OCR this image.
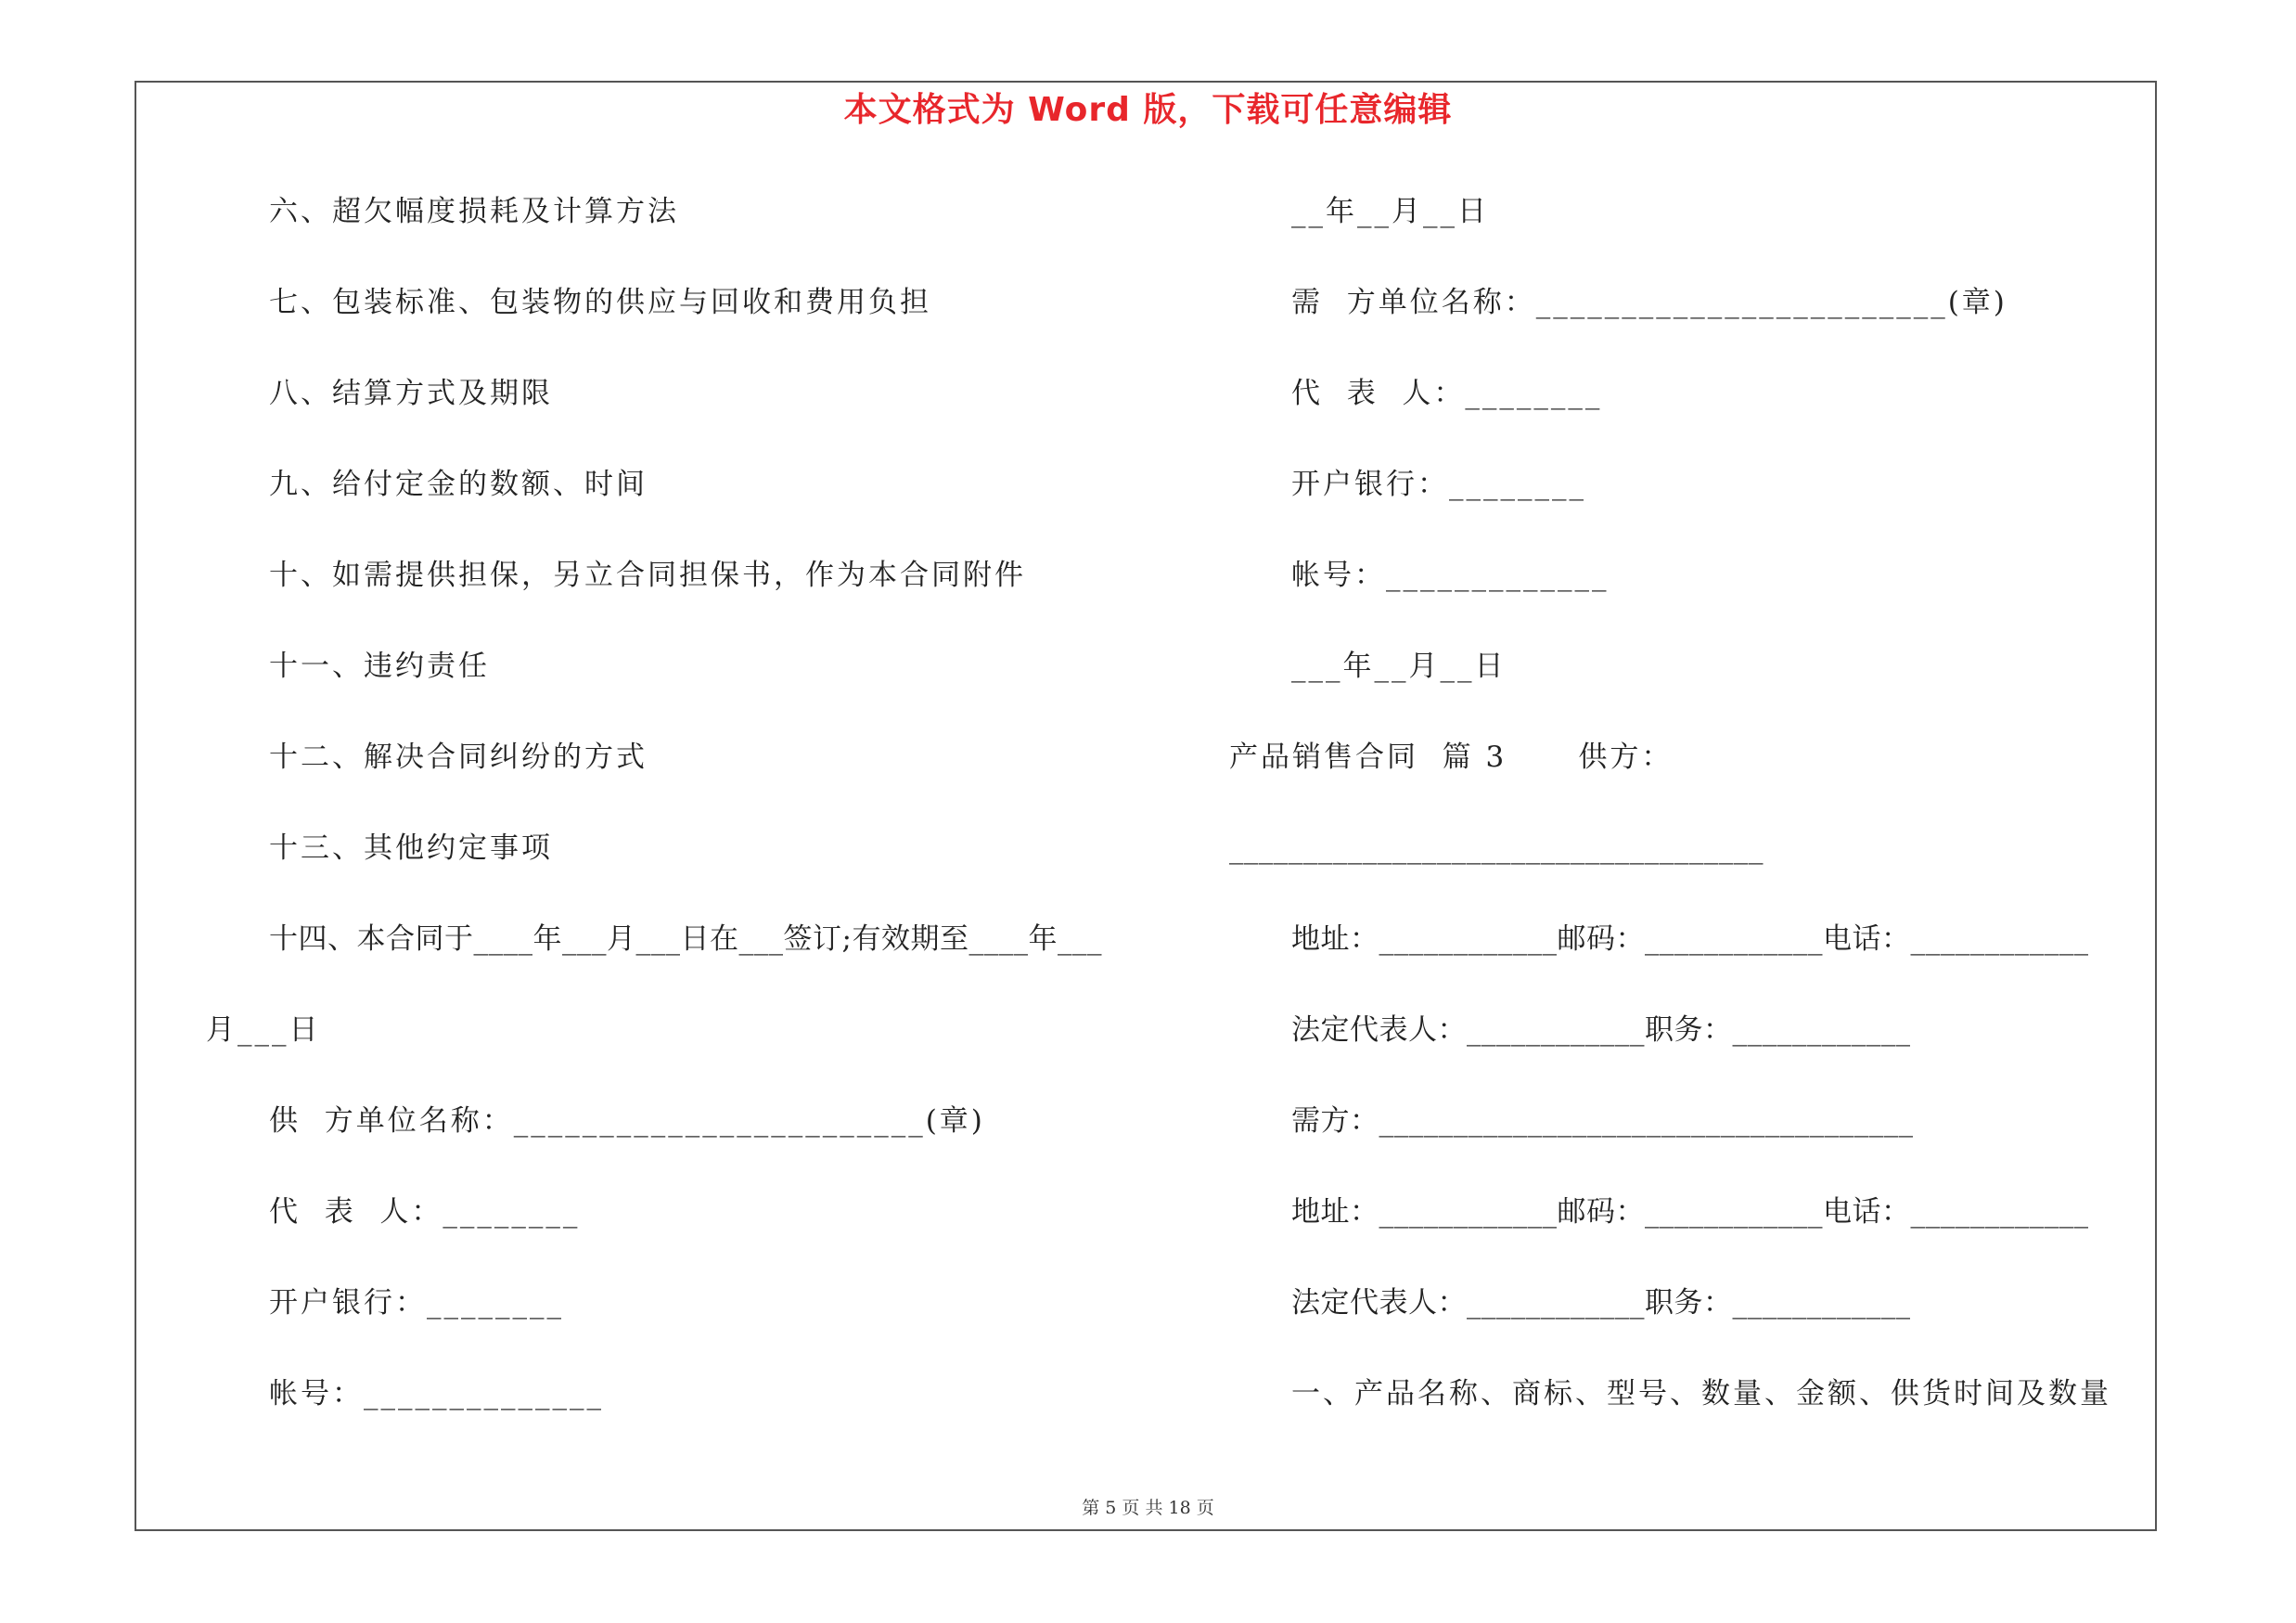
本文格式为 Word 版，下载可任意编辑
六、超欠幅度损耗及计算方法
七、包装标准、包装物的供应与回收和费用负担
八、结算方式及期限
九、给付定金的数额、时间
十、如需提供担保，另立合同担保书，作为本合同附件
十一、违约责任
十二、解决合同纠纷的方式
十三、其他约定事项
十四、本合同于____年___月___日在___签订;有效期至____年___
月___日
供  方单位名称：________________________(章)
代  表  人：________
开户银行：________
帐号：______________
__年__月__日
需  方单位名称：________________________(章)
代  表  人：________
开户银行：________
帐号：_____________
___年__月__日
产品销售合同  篇 3      供方：
____________________________________
地址：____________邮码：____________电话：____________
法定代表人：____________职务：____________
需方：____________________________________
地址：____________邮码：____________电话：____________
法定代表人：____________职务：____________
一、产品名称、商标、型号、数量、金额、供货时间及数量
第 5 页 共 18 页
